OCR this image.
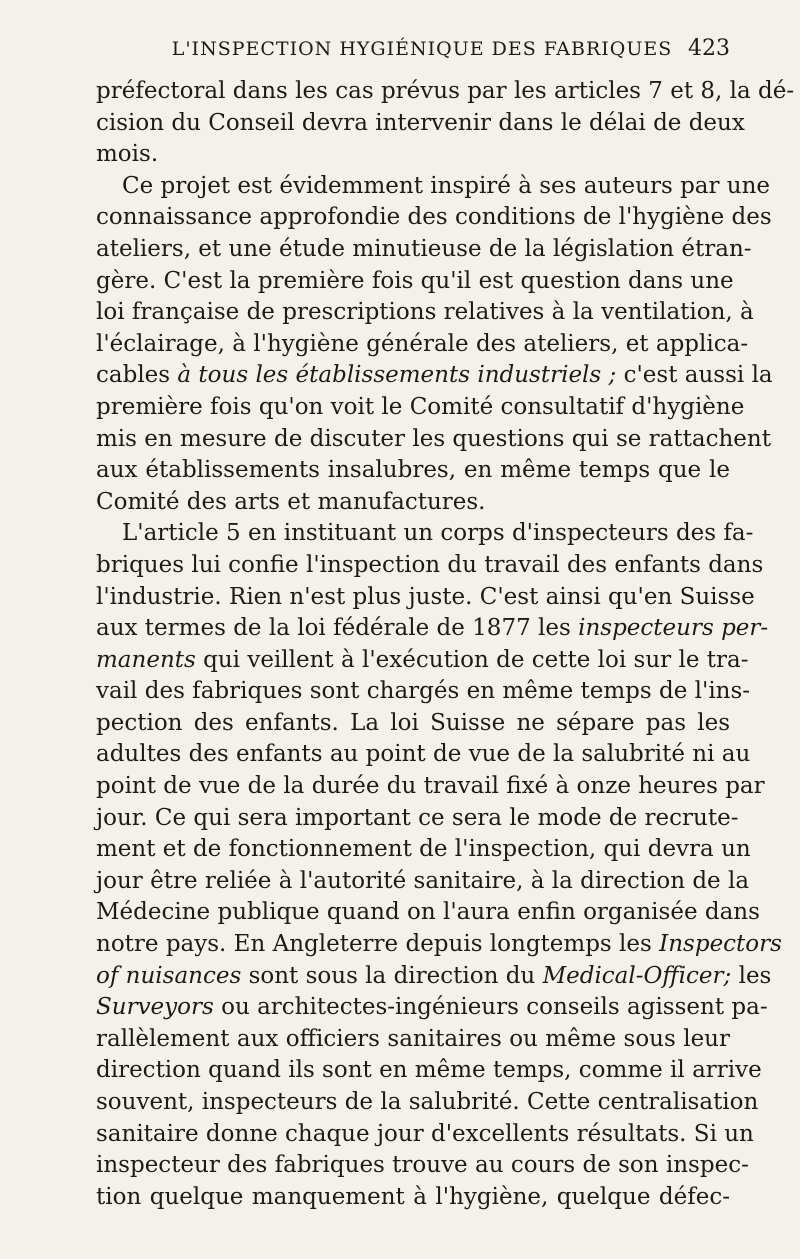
L'INSPECTION HYGIÉNIQUE DES FABRIQUES 423
préfectoral dans les cas prévus par les articles 7 et 8, la dé-
cision du Conseil devra intervenir dans le délai de deux
mois.
Ce projet est évidemment inspiré à ses auteurs par une
connaissance approfondie des conditions de l'hygiène des
ateliers, et une étude minutieuse de la législation étran-
gère. C'est la première fois qu'il est question dans une
loi française de prescriptions relatives à la ventilation, à
l'éclairage, à l'hygiène générale des ateliers, et applica-
cables à tous les établissements industriels ; c'est aussi la
première fois qu'on voit le Comité consultatif d'hygiène
mis en mesure de discuter les questions qui se rattachent
aux établissements insalubres, en même temps que le
Comité des arts et manufactures.
L'article 5 en instituant un corps d'inspecteurs des fa-
briques lui confie l'inspection du travail des enfants dans
l'industrie. Rien n'est plus juste. C'est ainsi qu'en Suisse
aux termes de la loi fédérale de 1877 les inspecteurs per-
manents qui veillent à l'exécution de cette loi sur le tra-
vail des fabriques sont chargés en même temps de l'ins-
pection des enfants. La loi Suisse ne sépare pas les
adultes des enfants au point de vue de la salubrité ni au
point de vue de la durée du travail fixé à onze heures par
jour. Ce qui sera important ce sera le mode de recrute-
ment et de fonctionnement de l'inspection, qui devra un
jour être reliée à l'autorité sanitaire, à la direction de la
Médecine publique quand on l'aura enfin organisée dans
notre pays. En Angleterre depuis longtemps les Inspectors
of nuisances sont sous la direction du Medical-Officer; les
Surveyors ou architectes-ingénieurs conseils agissent pa-
rallèlement aux officiers sanitaires ou même sous leur
direction quand ils sont en même temps, comme il arrive
souvent, inspecteurs de la salubrité. Cette centralisation
sanitaire donne chaque jour d'excellents résultats. Si un
inspecteur des fabriques trouve au cours de son inspec-
tion quelque manquement à l'hygiène, quelque défec-
